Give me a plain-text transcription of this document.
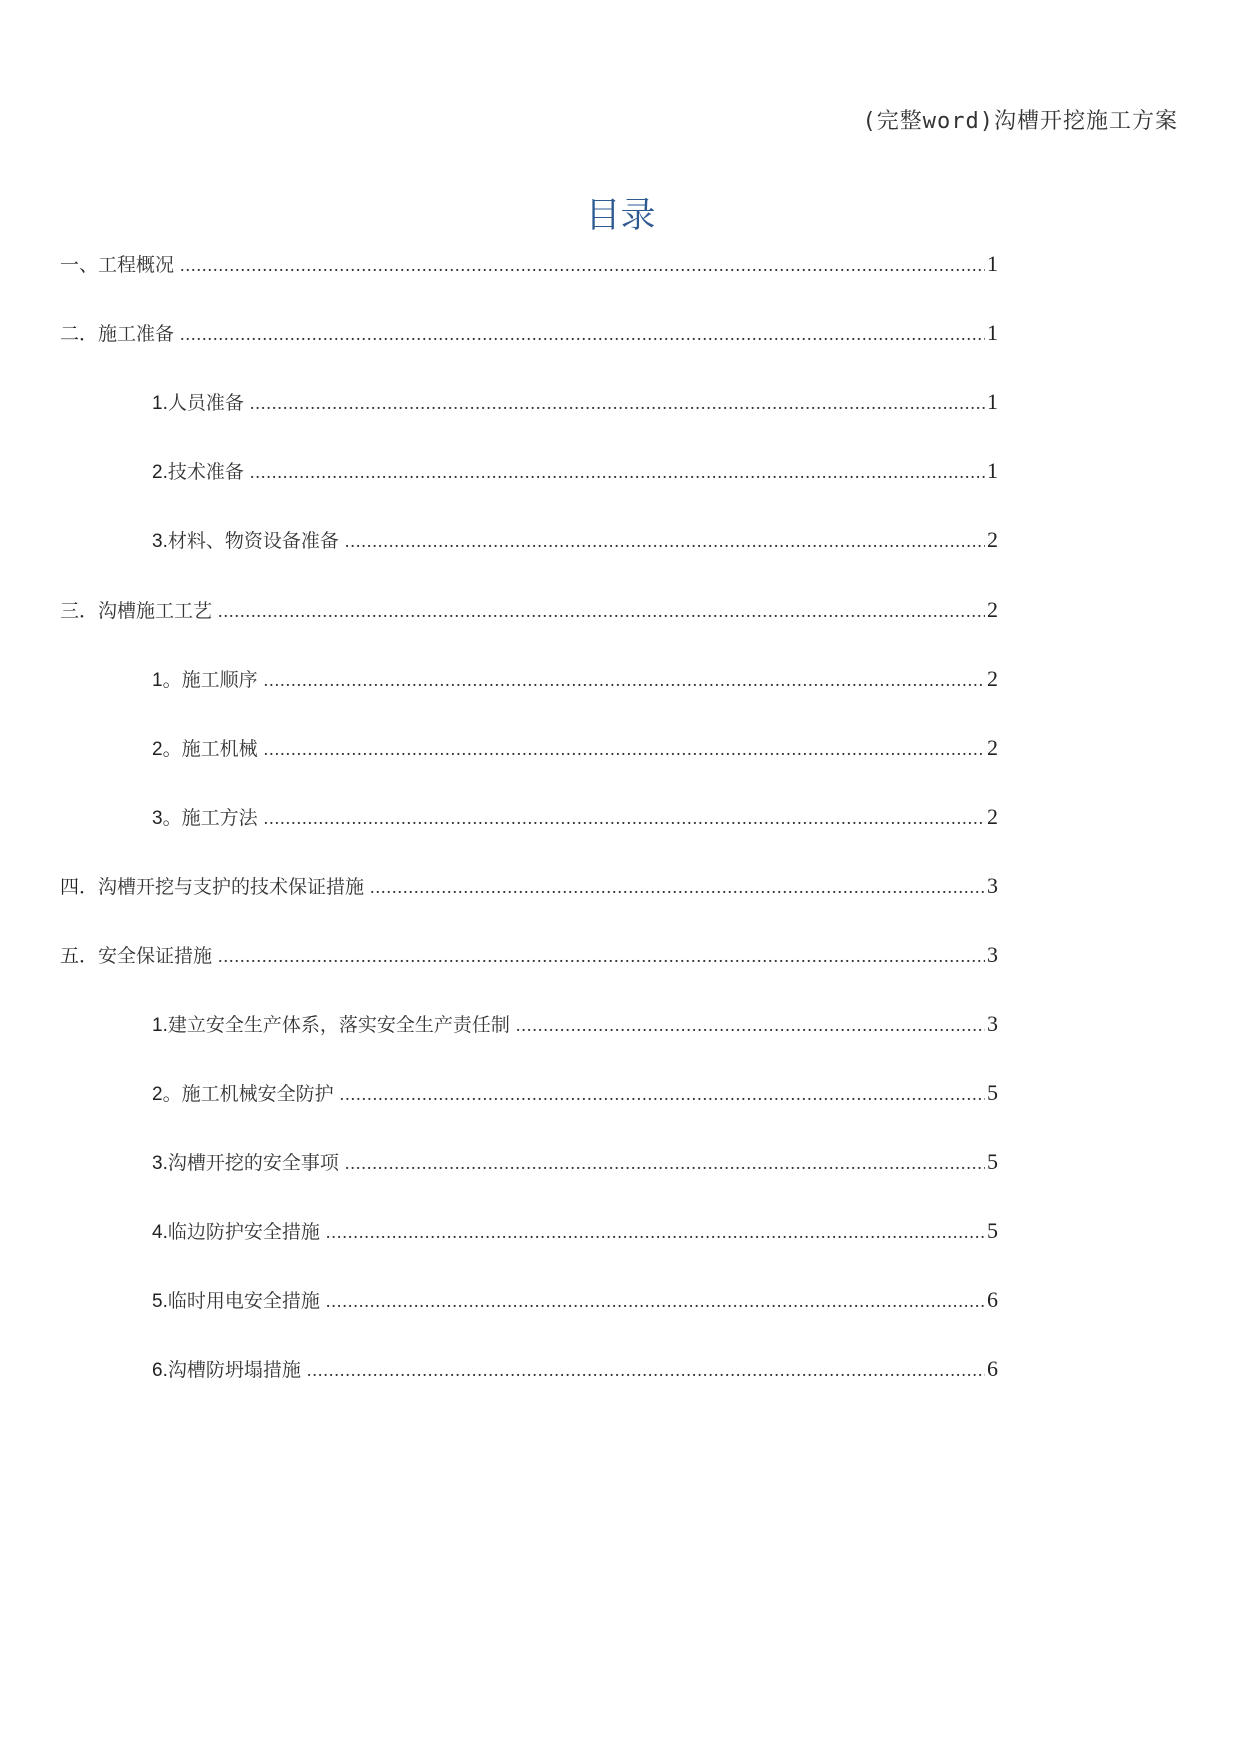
(完整word)沟槽开挖施工方案
目录
一、 工程概况 .....	1
二． 施工准备 .....	1
1. 人员准备 .....	1
2. 技术准备 .....	1
3. 材料、物资设备准备 .....	2
三． 沟槽施工工艺 .....	2
1。 施工顺序 .....	2
2。 施工机械 .....	2
3。 施工方法 .....	2
四． 沟槽开挖与支护的技术保证措施 .....	3
五． 安全保证措施 .....	3
1. 建立安全生产体系，落实安全生产责任制 .....	3
2。 施工机械安全防护 .....	5
3. 沟槽开挖的安全事项 .....	5
4. 临边防护安全措施 .....	5
5. 临时用电安全措施 .....	6
6. 沟槽防坍塌措施 .....	6
